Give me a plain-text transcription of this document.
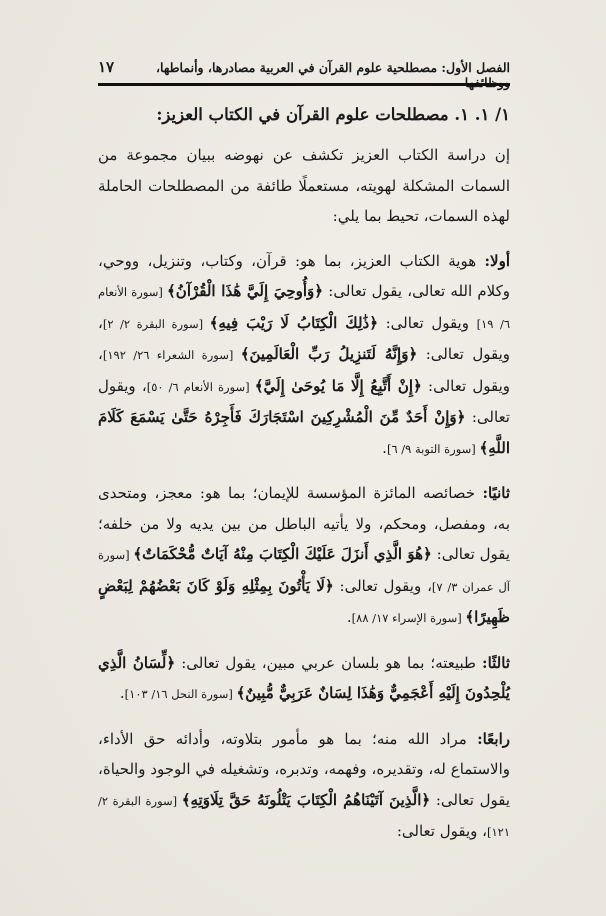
الفصل الأول: مصطلحية علوم القرآن في العربية مصادرها، وأنماطها، ووظائفها
١٧
١/ ١. ١. مصطلحات علوم القرآن في الكتاب العزيز:

إن دراسة الكتاب العزيز تكشف عن نهوضه ببيان مجموعة من السمات المشكلة لهويته، مستعملًا طائفة من المصطلحات الحاملة لهذه السمات، تحيط بما يلي:

أولا: هوية الكتاب العزيز، بما هو: قرآن، وكتاب، وتنزيل، ووحي، وكلام الله تعالى، يقول تعالى: ﴿وَأُوحِيَ إِلَيَّ هَٰذَا الْقُرْآنُ﴾ [سورة الأنعام ٦/ ١٩] ويقول تعالى: ﴿ذَٰلِكَ الْكِتَابُ لَا رَيْبَ فِيهِ﴾ [سورة البقرة ٢/ ٢]، ويقول تعالى: ﴿وَإِنَّهُ لَتَنزِيلُ رَبِّ الْعَالَمِينَ﴾ [سورة الشعراء ٢٦/ ١٩٢]، ويقول تعالى: ﴿إِنْ أَتَّبِعُ إِلَّا مَا يُوحَىٰ إِلَيَّ﴾ [سورة الأنعام ٦/ ٥٠]، ويقول تعالى: ﴿وَإِنْ أَحَدٌ مِّنَ الْمُشْرِكِينَ اسْتَجَارَكَ فَأَجِرْهُ حَتَّىٰ يَسْمَعَ كَلَامَ اللَّهِ﴾ [سورة التوبة ٩/ ٦].

ثانيًا: خصائصه المائزة المؤسسة للإيمان؛ بما هو: معجز، ومتحدى به، ومفصل، ومحكم، ولا يأتيه الباطل من بين يديه ولا من خلفه؛ يقول تعالى: ﴿هُوَ الَّذِي أَنزَلَ عَلَيْكَ الْكِتَابَ مِنْهُ آيَاتٌ مُّحْكَمَاتٌ﴾ [سورة آل عمران ٣/ ٧]، ويقول تعالى: ﴿لَا يَأْتُونَ بِمِثْلِهِ وَلَوْ كَانَ بَعْضُهُمْ لِبَعْضٍ ظَهِيرًا﴾ [سورة الإسراء ١٧/ ٨٨].

ثالثًا: طبيعته؛ بما هو بلسان عربي مبين، يقول تعالى: ﴿لِّسَانُ الَّذِي يُلْحِدُونَ إِلَيْهِ أَعْجَمِيٌّ وَهَٰذَا لِسَانٌ عَرَبِيٌّ مُّبِينٌ﴾ [سورة النحل ١٦/ ١٠٣].

رابعًا: مراد الله منه؛ بما هو مأمور بتلاوته، وأدائه حق الأداء، والاستماع له، وتقديره، وفهمه، وتدبره، وتشغيله في الوجود والحياة، يقول تعالى: ﴿الَّذِينَ آتَيْنَاهُمُ الْكِتَابَ يَتْلُونَهُ حَقَّ تِلَاوَتِهِ﴾ [سورة البقرة ٢/ ١٢١]، ويقول تعالى:
